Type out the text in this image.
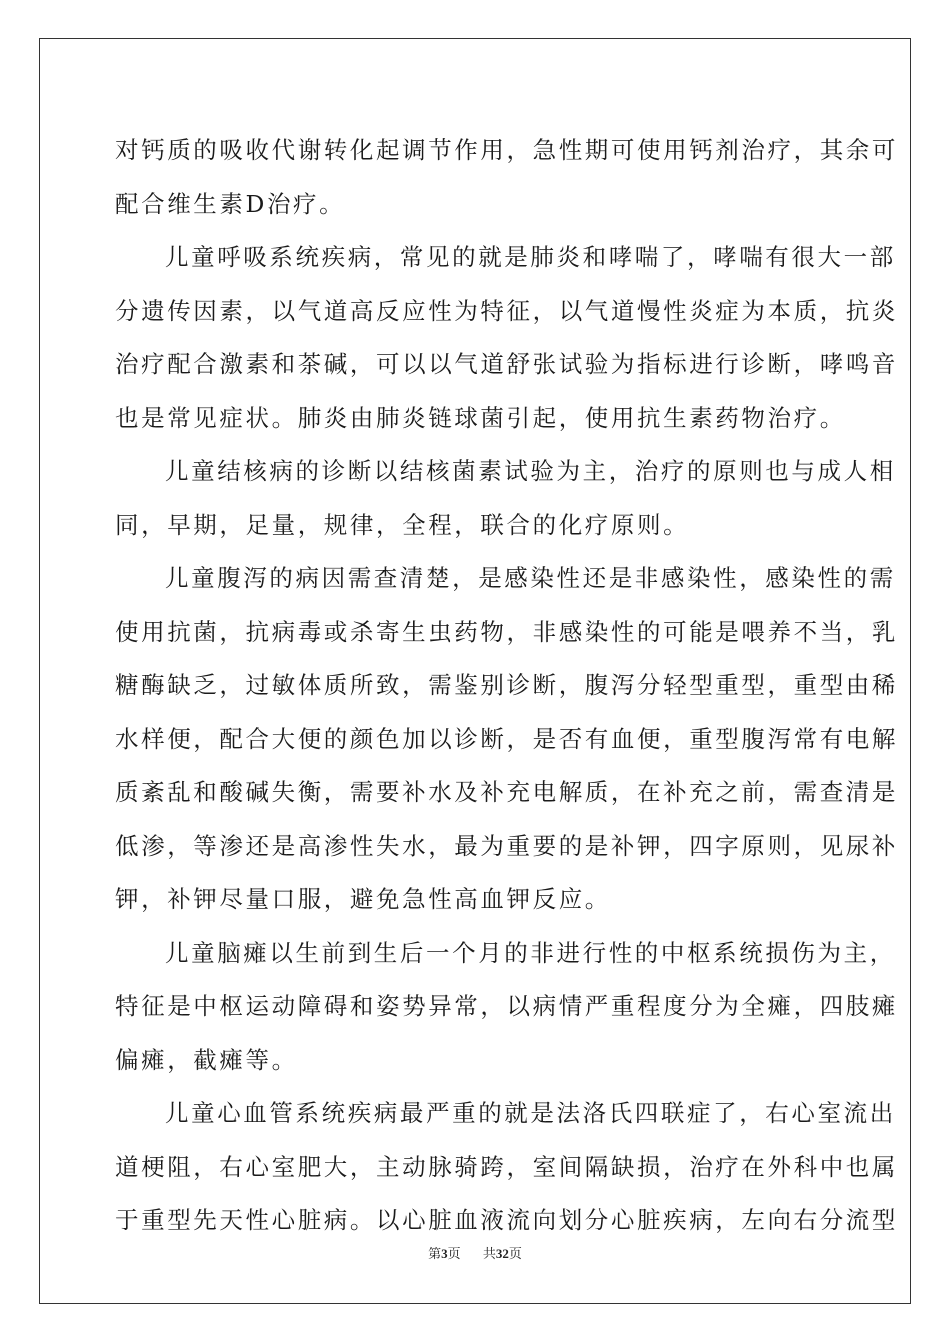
对钙质的吸收代谢转化起调节作用，急性期可使用钙剂治疗，其余可
配合维生素D治疗。
儿童呼吸系统疾病，常见的就是肺炎和哮喘了，哮喘有很大一部
分遗传因素，以气道高反应性为特征，以气道慢性炎症为本质，抗炎
治疗配合激素和茶碱，可以以气道舒张试验为指标进行诊断，哮鸣音
也是常见症状。肺炎由肺炎链球菌引起，使用抗生素药物治疗。
儿童结核病的诊断以结核菌素试验为主，治疗的原则也与成人相
同，早期，足量，规律，全程，联合的化疗原则。
儿童腹泻的病因需查清楚，是感染性还是非感染性，感染性的需
使用抗菌，抗病毒或杀寄生虫药物，非感染性的可能是喂养不当，乳
糖酶缺乏，过敏体质所致，需鉴别诊断，腹泻分轻型重型，重型由稀
水样便，配合大便的颜色加以诊断，是否有血便，重型腹泻常有电解
质紊乱和酸碱失衡，需要补水及补充电解质，在补充之前，需查清是
低渗，等渗还是高渗性失水，最为重要的是补钾，四字原则，见尿补
钾，补钾尽量口服，避免急性高血钾反应。
儿童脑瘫以生前到生后一个月的非进行性的中枢系统损伤为主，
特征是中枢运动障碍和姿势异常，以病情严重程度分为全瘫，四肢瘫
偏瘫，截瘫等。
儿童心血管系统疾病最严重的就是法洛氏四联症了，右心室流出
道梗阻，右心室肥大，主动脉骑跨，室间隔缺损，治疗在外科中也属
于重型先天性心脏病。以心脏血液流向划分心脏疾病，左向右分流型
第3页 共32页
